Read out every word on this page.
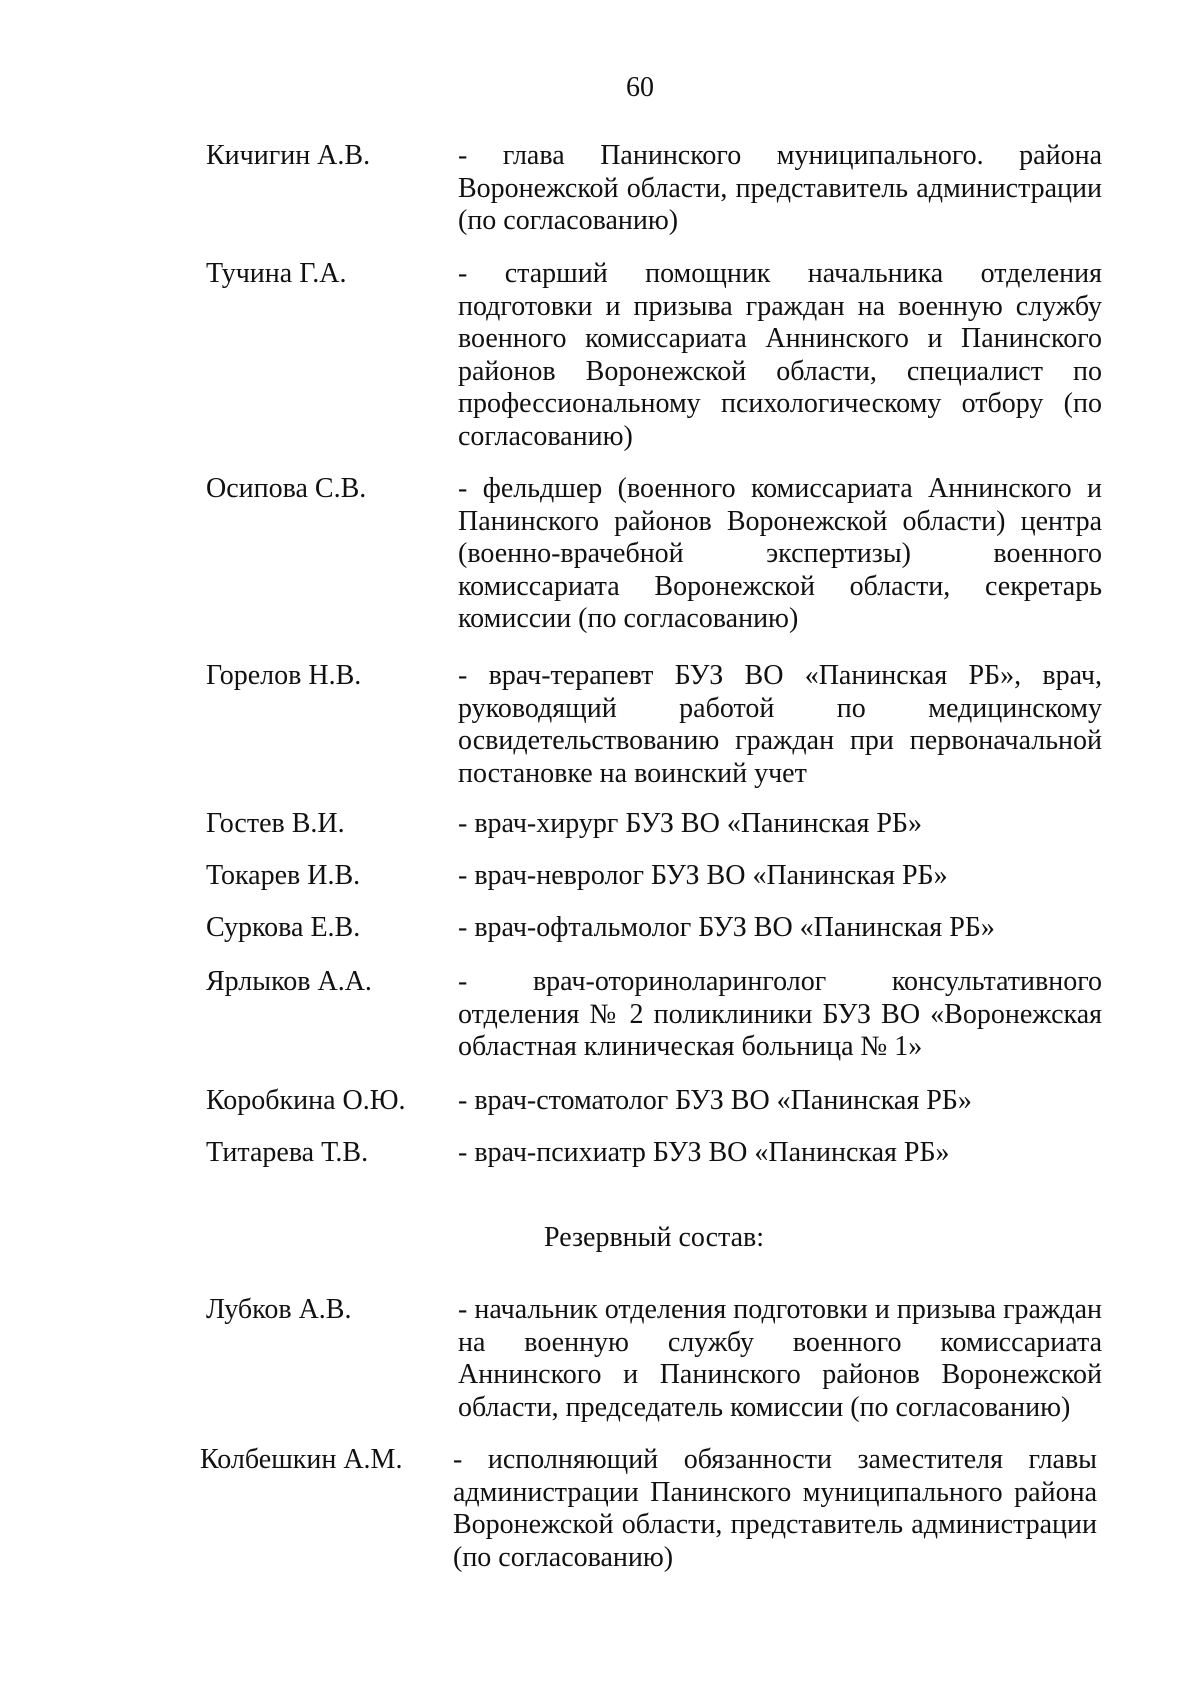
60
Кичигин А.В.	- глава Панинского муниципального. района Воронежской области, представитель администрации (по согласованию)
Тучина Г.А.	- старший помощник начальника отделения подготовки и призыва граждан на военную службу военного комиссариата Аннинского и Панинского районов Воронежской области, специалист по профессиональному психологическому отбору (по согласованию)
Осипова С.В.	- фельдшер (военного комиссариата Аннинского и Панинского районов Воронежской области) центра (военно-врачебной экспертизы) военного комиссариата Воронежской области, секретарь комиссии (по согласованию)
Горелов Н.В.	- врач-терапевт БУЗ ВО «Панинская РБ», врач, руководящий работой по медицинскому освидетельствованию граждан при первоначальной постановке на воинский учет
Гостев В.И.	- врач-хирург БУЗ ВО «Панинская РБ»
Токарев И.В.	- врач-невролог БУЗ ВО «Панинская РБ»
Суркова Е.В.	- врач-офтальмолог БУЗ ВО «Панинская РБ»
Ярлыков А.А.	- врач-оториноларинголог консультативного отделения № 2 поликлиники БУЗ ВО «Воронежская областная клиническая больница № 1»
Коробкина О.Ю. - врач-стоматолог БУЗ ВО «Панинская РБ»
Титарева Т.В.	- врач-психиатр БУЗ ВО «Панинская РБ»
Резервный состав:
Лубков А.В.	- начальник отделения подготовки и призыва граждан на военную службу военного комиссариата Аннинского и Панинского районов Воронежской области, председатель комиссии (по согласованию)
Колбешкин А.М. - исполняющий обязанности заместителя главы администрации Панинского муниципального района Воронежской области, представитель администрации (по согласованию)
